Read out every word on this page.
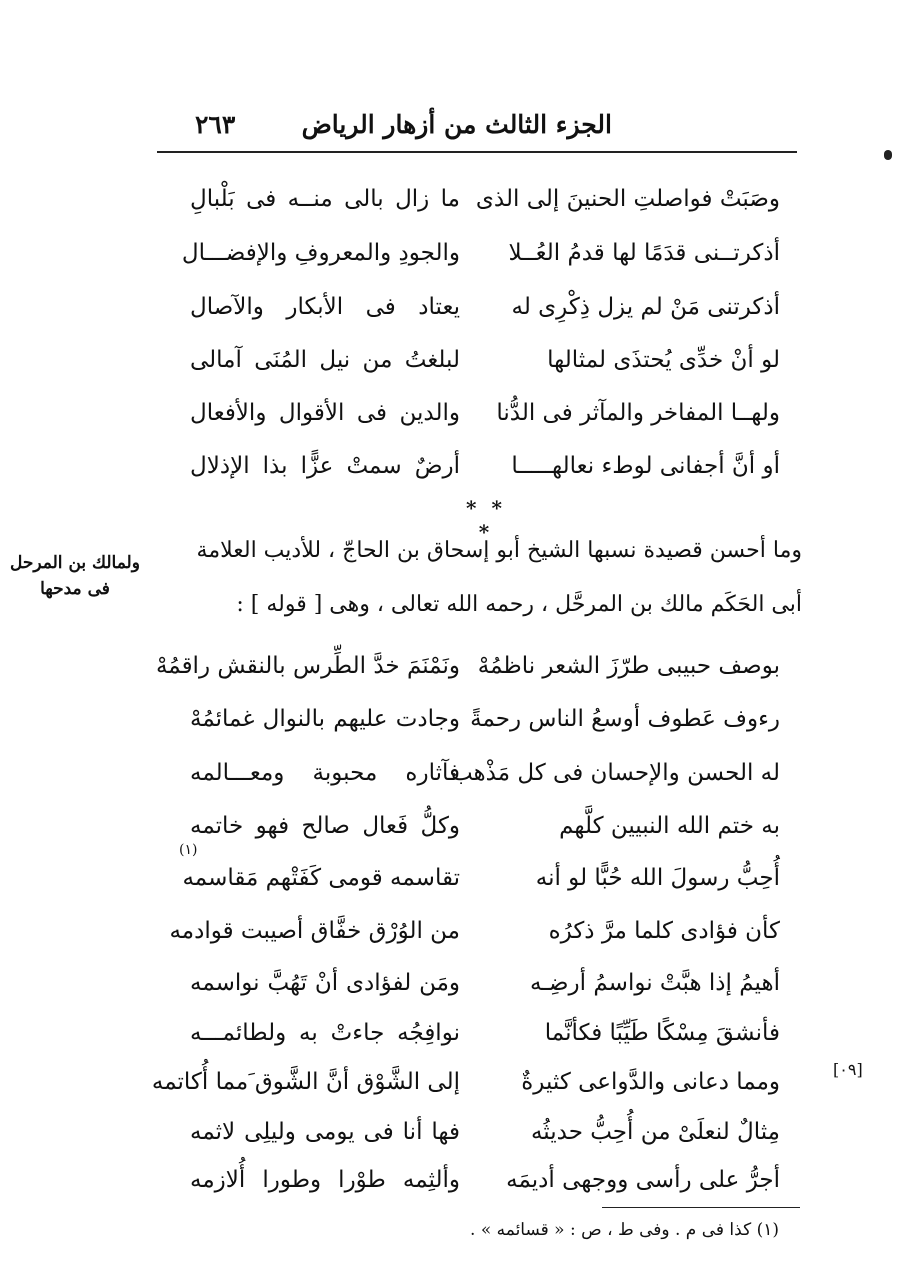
الجزء الثالث من أزهار الرياض
٢٦٣
وصَبَتْ فواصلتِ الحنينَ إلى الذى
ما زال بالى منــه فى بَلْبالِ
أذكرتــنى قدَمًا لها قدمُ العُــلا
والجودِ والمعروفِ والإفضـــال
أذكرتنى مَنْ لم يزل ذِكْرِى له
يعتاد فى الأبكار والآصال
لو أنْ خدِّى يُحتذَى لمثالها
لبلغتُ من نيل المُنَى آمالى
ولهــا المفاخر والمآثر فى الدُّنا
والدين فى الأقوال والأفعال
أو أنَّ أجفانى لوطء نعالهـــــا
أرضٌ سمتْ عزًّا بذا الإذلال
* * *
ولمالك بن المرحل
فى مدحها
وما أحسن قصيدة نسبها الشيخ أبو إسحاق بن الحاجّ ، للأديب العلامة
أبى الحَكَم مالك بن المرحَّل ، رحمه الله تعالى ، وهى [ قوله ] :
بوصف حبيبى طرّزَ الشعر ناظمُهْ
ونَمْنَمَ خدَّ الطِّرس بالنقش راقمُهْ
رءوف عَطوف أوسعُ الناس رحمةً
وجادت عليهم بالنوال غمائمُهْ
له الحسن والإحسان فى كل مَذْهب
فآثاره محبوبة ومعـــالمه
به ختم الله النبيين كلَّهم
وكلُّ فَعال صالح فهو خاتمه
أُحِبُّ رسولَ الله حُبًّا لو أنه
تقاسمه قومى كَفَتْهم مَقاسمه
(١)
كأن فؤادى كلما مرَّ ذكرُه
من الوُرْق خفَّاق أصيبت قوادمه
أهيمُ إذا هبَّتْ نواسمُ أرضِـه
ومَن لفؤادى أنْ تَهُبَّ نواسمه
فأنشقَ مِسْكًا طَيِّبًا فكأنَّما
نوافِجُه جاءتْ به ولطائمـــه
ومما دعانى والدَّواعى كثيرةٌ
إلى الشَّوْق أنَّ الشَّوق َمما أُكاتمه
مِثالٌ لنعلَىْ من أُحِبُّ حديثُه
فها أنا فى يومى وليلِى لاثمه
أجرُّ على رأسى ووجهى أديمَه
وألثِمه طوْرا وطورا أُلازمه
[٠٩]
(١) كذا فى م . وفى ط ، ص : « قسائمه » .
